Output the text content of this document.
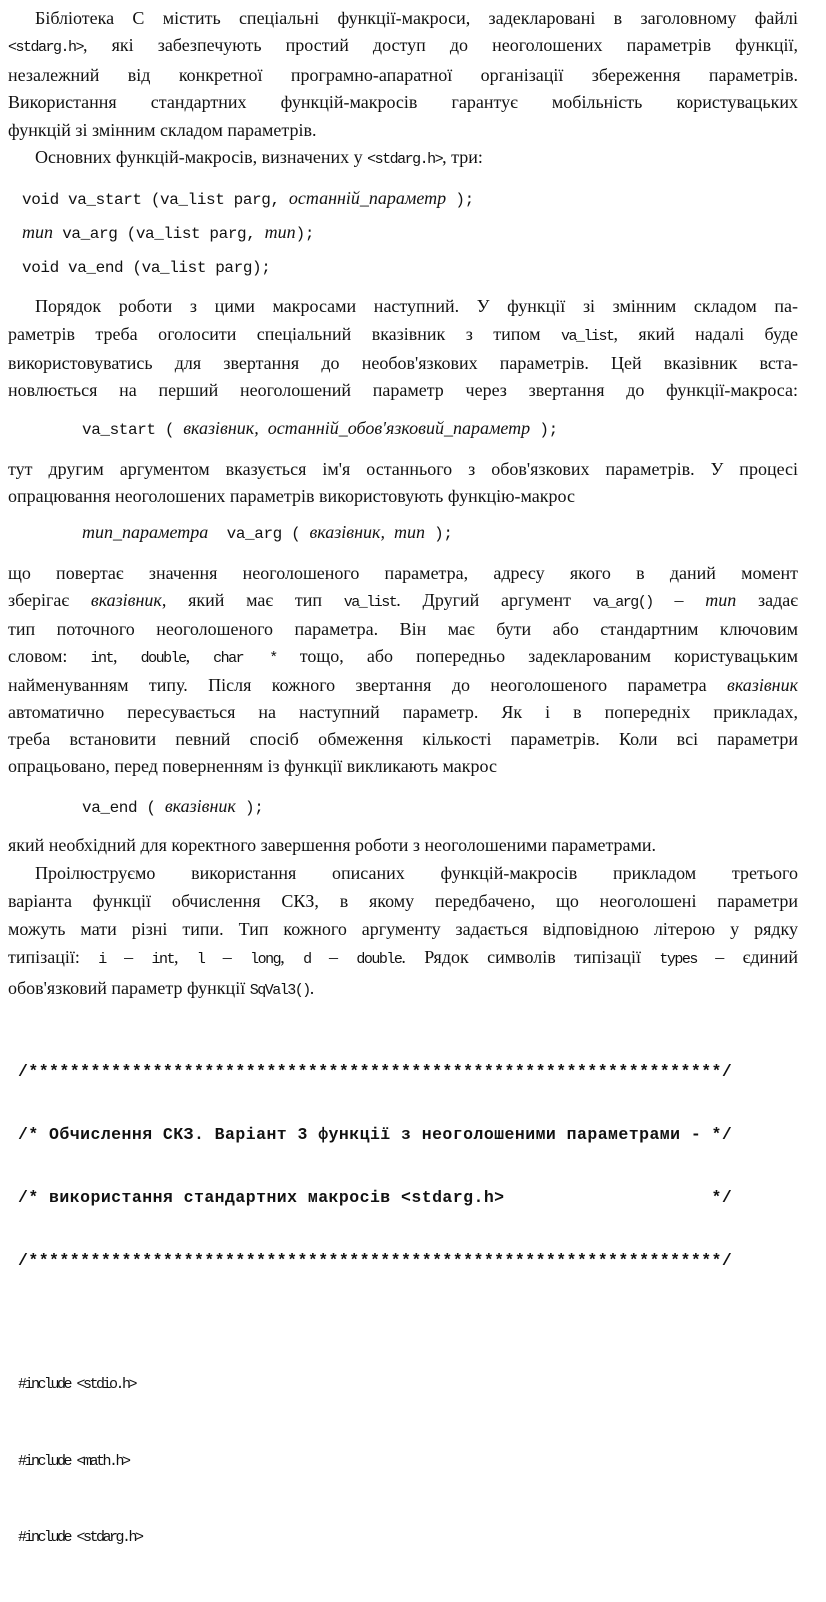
Бібліотека С містить спеціальні функції-макроси, задекларовані в заголовному файлі
<stdarg.h>, які забезпечують простий доступ до неоголошених параметрів функції,
незалежний від конкретної програмно-апаратної організації збереження параметрів.
Використання стандартних функцій-макросів гарантує мобільність користувацьких
функцій зі змінним складом параметрів.
Основних функцій-макросів, визначених у <stdarg.h>, три:
void va_start (va_list parg, останній_параметр );
тип va_arg (va_list parg, тип);
void va_end (va_list parg);
Порядок роботи з цими макросами наступний. У функції зі змінним складом па-
раметрів треба оголосити спеціальний вказівник з типом va_list, який надалі буде
використовуватись для звертання до необов'язкових параметрів. Цей вказівник вста-
новлюється на перший неоголошений параметр через звертання до функції-макроса:
va_start ( вказівник,  останній_обов'язковий_параметр );
тут другим аргументом вказується ім'я останнього з обов'язкових параметрів. У процесі
опрацювання неоголошених параметрів використовують функцію-макрос
тип_параметра  va_arg ( вказівник,  тип );
що повертає значення неоголошеного параметра, адресу якого в даний момент
зберігає вказівник, який має тип va_list. Другий аргумент va_arg() – тип задає
тип поточного неоголошеного параметра. Він має бути або стандартним ключовим
словом: int, double, char * тощо, або попередньо задекларованим користувацьким
найменуванням типу. Після кожного звертання до неоголошеного параметра вказівник
автоматично пересувається на наступний параметр. Як і в попередніх прикладах,
треба встановити певний спосіб обмеження кількості параметрів. Коли всі параметри
опрацьовано, перед поверненням із функції викликають макрос
va_end ( вказівник );
який необхідний для коректного завершення роботи з неоголошеними параметрами.
Проілюструємо використання описаних функцій-макросів прикладом третього
варіанта функції обчислення СКЗ, в якому передбачено, що неоголошені параметри
можуть мати різні типи. Тип кожного аргументу задається відповідною літерою у рядку
типізації: i – int, l – long, d – double. Рядок символів типізації types – єдиний
обов'язковий параметр функції SqVal3().

/*******************************************************************/

/* Обчислення СКЗ. Варіант 3 функції з неоголошеними параметрами - */

/* використання стандартних макросів <stdarg.h>                    */

/*******************************************************************/

#include <stdio.h>

#include <math.h>

#include <stdarg.h>
